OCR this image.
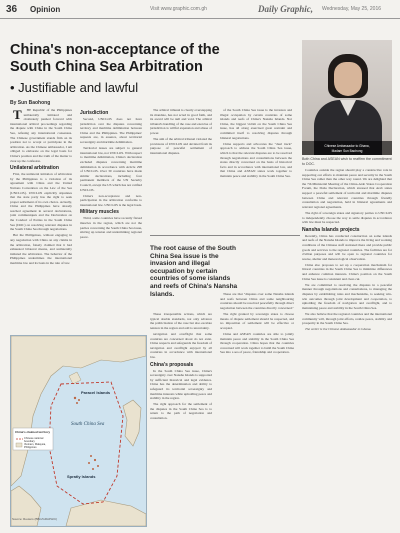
36 Opinion	Visit www.graphic.com.gh	Daily Graphic, Wednesday, May 25, 2016
China's non-acceptance of the
South China Sea Arbitration
• Justifiable and lawful
By Sun Baohong
Chinese Ambassador to Ghana,
Madam Sun Baohong
Both China and ASEAN wish to reaffirm the commitment to DOC.

T HE Republic of the Philippines unilaterally initiated and obstinately pushed forward with international arbitral proceedings regarding the dispute with China in the South China Sea, refusing any international consensus. The Chinese government stands firm on its position not to accept or participate in the arbitration. As the Chinese ambassador, I am obliged to elaborate on the legal basis for China's position and the truth of the matter to clear up the confusion.

Unilateral arbitration

First, the unilateral initiation of arbitration by the Philippines is a violation of its agreement with China and the United Nations Convention on the Law of the Sea (UNCLOS). UNCLOS explicitly stipulates that the state party has the right to seek proper settlement of its own choice. Actually, China and the Philippines have already reached agreement in several declarations, joint communiqués and the Declaration on the Conduct of Parties in the South China Sea (DOC) on resolving relevant disputes in the South China Sea through negotiations.

But the Philippines, without engaging in any negotiation with China on any claims in the arbitration, falsely claimed that it had exhausted bilateral means, and unilaterally initiated the arbitration. The behavior of the Philippines undermines the international maritime law and its basis in the rule of law.

Jurisdiction

Second, UNCLOS does not have jurisdiction over the disputes concerning territory and maritime delimitation between China and the Philippines. The Philippines' requests are, in essence, about territorial sovereignty and maritime delimitation.

Territorial issues are subject to general international law, not UNCLOS. With respect to maritime delimitation, China's declaration excluded disputes concerning maritime delimitation in accordance with Article 298 of UNCLOS. Over 30 countries have made similar declarations, including four permanent members of the UN Security Council, except the US which has not ratified UNCLOS.

China's non-acceptance and non-participation in the arbitration conforms to international law. UNCLOS is the legal basis.

Military muscles

Third, some countries have recently flexed muscles in the region, which are not the parties concerning the South China Sea issue, stirring up tension and undermining regional peace.

The arbitral tribunal is clearly overstepping its mandate, has not acted in good faith, and its award will be null and void. The arbitral tribunal's handling of the case and exercise of jurisdiction is willful expansion and abuse of power.

The aim of the arbitral tribunal violated the provisions of UNCLOS and deviated from its purpose of peaceful settlement of international disputes.

The root cause of the South China Sea issue is the invasion and illegal occupation by certain countries of some islands and reefs of China's Nansha Islands.

of the South China Sea issue is the invasion and illegal occupation by certain countries of some islands and reefs of China's Nansha Islands. Not China, the biggest victim on the South China Sea issue, has all along exercised great restraint and committed itself to resolving disputes through bilateral negotiations.

China supports and advocates the "dual track" approach to address the South China Sea issue, which is that the relevant disputes are to be resolved through negotiations and consultations between the states directly concerned on the basis of historical facts and in accordance with international law, and that China and ASEAN states work together to maintain peace and stability in the South China Sea.

Countries outside the region should play a constructive role in supporting our efforts to maintain peace and security in the South China Sea rather than the other way round. We are delighted that the 7th Ministerial Meeting of the China-Arab States Cooperation Forum, the Doha Declaration, which stressed that Arab states support a peaceful settlement of territorial and maritime disputes between China and relevant countries through friendly consultation and negotiation, held in bilateral agreements and relevant regional agreements.

The right of sovereign states and signatory parties to UNCLOS to independently choose the way to settle disputes in accordance with law must be respected.

Nansha Islands projects

Recently, China has conducted construction on some islands and reefs of the Nansha Islands to improve the living and working conditions of the Chinese staff stationed there and provide public goods and services to the regional countries. The facilities are for civilian purposes and will be open to regional countries for rescue, shelter and meteorological observation.

China also proposes to set up a cooperation mechanism for littoral countries in the South China Sea to minimize differences and enhance common interests. China's position on the South China Sea issue is consistent and clear-cut.

We are committed to resolving the disputes in a peaceful manner through negotiations and consultations, to managing the disputes by establishing rules and mechanisms, to seeking win-win outcomes through joint development and cooperation, to upholding the freedom of navigation and overflight, and to maintaining peace and stability in the South China Sea.

We also believe that the regional countries and the international community will, through joint efforts, realize peace, stability and prosperity in the South China Sea.

The writer is the Chinese Ambassador to Ghana.

These irresponsible actions, which are typical double standards, not only advance the politicization of the case but also escalate tension in the region and add to uncertainty.

navigation and overflight that some countries are concerned about do not exist. China respects and safeguards the freedom of navigation and overflight enjoyed by all countries in accordance with international law.

China's proposals

In the South China Sea issue, China's sovereignty over Nansha Islands is supported by sufficient historical and legal evidence. China has the determination and ability to safeguard its territorial sovereignty and maritime interests while upholding peace and stability in the region.

The right approach for the settlement of the disputes in the South China Sea is to return to the path of negotiation and consultation.

These are that "disputes over some Nansha islands and reefs between China and some neighbouring countries should be resolved peacefully through direct negotiation between the countries directly concerned."

The right granted by sovereign states to choose means of dispute settlement should be respected, and no imposition of settlement will be effective or accepted.

China and ASEAN countries are able to jointly maintain peace and stability in the South China Sea through cooperation. China hopes that the countries concerned will work together to build the South China Sea into a sea of peace, friendship and cooperation.

China's claimed territory
Chinese national boundary
Vietnam, Malaysia, Philippines
Paracel Islands
South China Sea
Spratly Islands
Source: Reuters (BBC/GRAPHIC)
